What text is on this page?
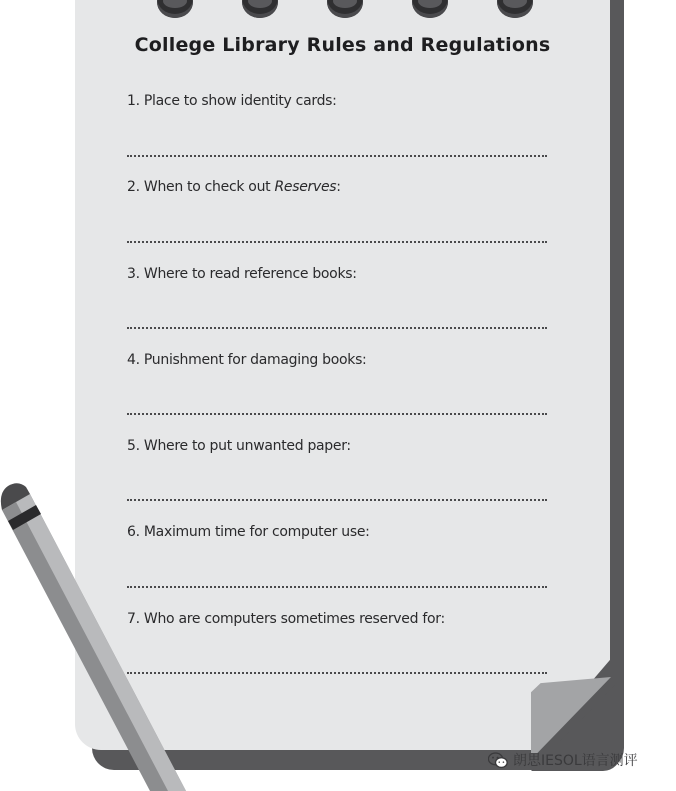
College Library Rules and Regulations
1. Place to show identity cards:
2. When to check out Reserves:
3. Where to read reference books:
4. Punishment for damaging books:
5. Where to put unwanted paper:
6. Maximum time for computer use:
7. Who are computers sometimes reserved for:
朗思IESOL语言测评
